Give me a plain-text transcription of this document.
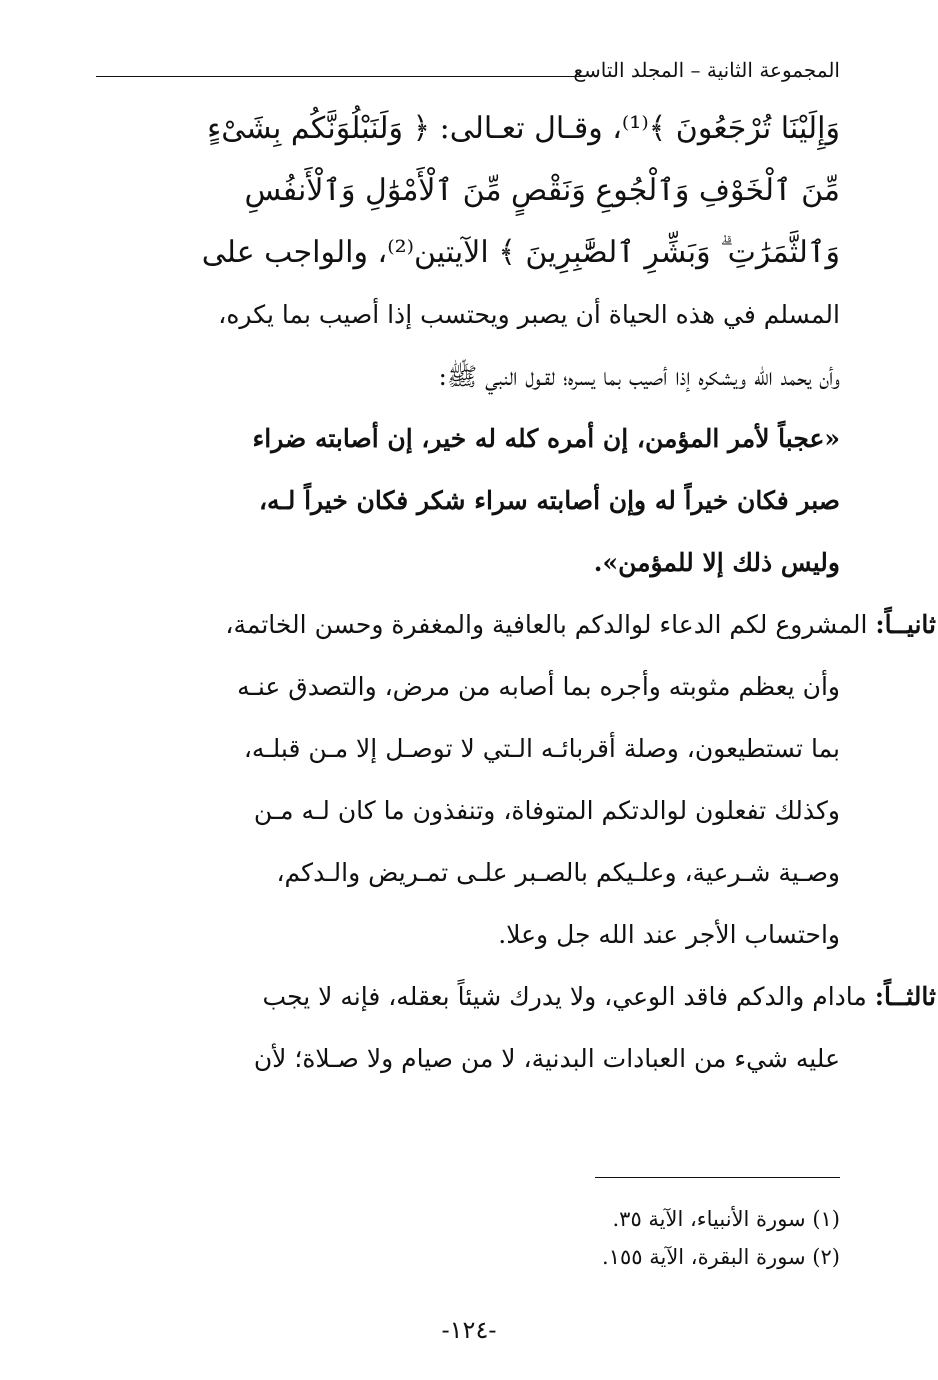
المجموعة الثانية – المجلد التاسع
وَإِلَيْنَا تُرْجَعُونَ ﴾⁽¹⁾، وقـال تعـالى: ﴿ وَلَنَبْلُوَنَّكُم بِشَىْءٍ
مِّنَ ٱلْخَوْفِ وَٱلْجُوعِ وَنَقْصٍ مِّنَ ٱلْأَمْوَٰلِ وَٱلْأَنفُسِ
وَٱلثَّمَرَٰتِ ۗ وَبَشِّرِ ٱلصَّٰبِرِينَ ﴾ الآيتين⁽²⁾، والواجب على
المسلم في هذه الحياة أن يصبر ويحتسب إذا أصيب بما يكره،
وأن يحمد الله ويشكره إذا أصيب بما يسره؛ لقـول النبي ﷺ:
«عجباً لأمر المؤمن، إن أمره كله له خير، إن أصابته ضراء
صبر فكان خيراً له وإن أصابته سراء شكر فكان خيراً لـه،
وليس ذلك إلا للمؤمن».
ثانيــاً: المشروع لكم الدعاء لوالدكم بالعافية والمغفرة وحسن الخاتمة،
وأن يعظم مثوبته وأجره بما أصابه من مرض، والتصدق عنـه
بما تستطيعون، وصلة أقربائـه الـتي لا توصـل إلا مـن قبلـه،
وكذلك تفعلون لوالدتكم المتوفاة، وتنفذون ما كان لـه مـن
وصـية شـرعية، وعلـيكم بالصـبر علـى تمـريض والـدكم،
واحتساب الأجر عند الله جل وعلا.
ثالثــاً: مادام والدكم فاقد الوعي، ولا يدرك شيئاً بعقله، فإنه لا يجب
عليه شيء من العبادات البدنية، لا من صيام ولا صـلاة؛ لأن
(١) سورة الأنبياء، الآية ٣٥.
(٢) سورة البقرة، الآية ١٥٥.
-١٢٤-
